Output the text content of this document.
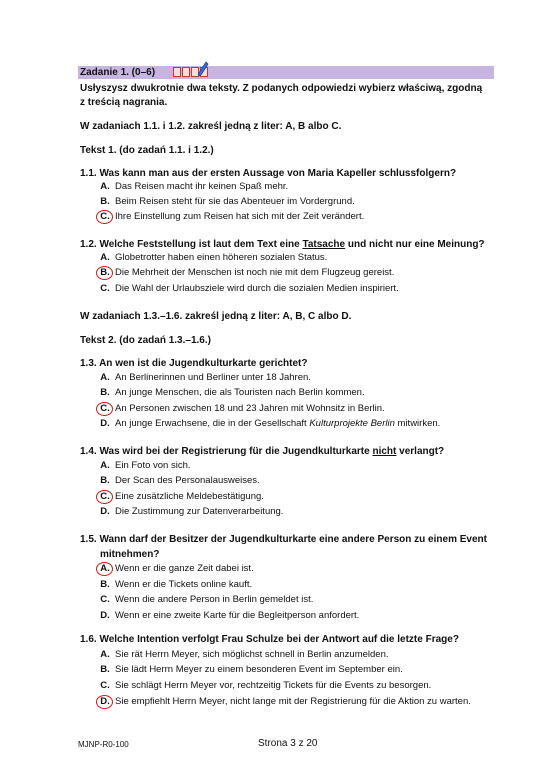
Zadanie 1. (0–6)
Usłyszysz dwukrotnie dwa teksty. Z podanych odpowiedzi wybierz właściwą, zgodną
z treścią nagrania.
W zadaniach 1.1. i 1.2. zakreśl jedną z liter: A, B albo C.
Tekst 1. (do zadań 1.1. i 1.2.)
1.1. Was kann man aus der ersten Aussage von Maria Kapeller schlussfolgern?
A. Das Reisen macht ihr keinen Spaß mehr.
B. Beim Reisen steht für sie das Abenteuer im Vordergrund.
C. Ihre Einstellung zum Reisen hat sich mit der Zeit verändert.
1.2. Welche Feststellung ist laut dem Text eine Tatsache und nicht nur eine Meinung?
A. Globetrotter haben einen höheren sozialen Status.
B. Die Mehrheit der Menschen ist noch nie mit dem Flugzeug gereist.
C. Die Wahl der Urlaubsziele wird durch die sozialen Medien inspiriert.
W zadaniach 1.3.–1.6. zakreśl jedną z liter: A, B, C albo D.
Tekst 2. (do zadań 1.3.–1.6.)
1.3. An wen ist die Jugendkulturkarte gerichtet?
A. An Berlinerinnen und Berliner unter 18 Jahren.
B. An junge Menschen, die als Touristen nach Berlin kommen.
C. An Personen zwischen 18 und 23 Jahren mit Wohnsitz in Berlin.
D. An junge Erwachsene, die in der Gesellschaft Kulturprojekte Berlin mitwirken.
1.4. Was wird bei der Registrierung für die Jugendkulturkarte nicht verlangt?
A. Ein Foto von sich.
B. Der Scan des Personalausweises.
C. Eine zusätzliche Meldebestätigung.
D. Die Zustimmung zur Datenverarbeitung.
1.5. Wann darf der Besitzer der Jugendkulturkarte eine andere Person zu einem Event
mitnehmen?
A. Wenn er die ganze Zeit dabei ist.
B. Wenn er die Tickets online kauft.
C. Wenn die andere Person in Berlin gemeldet ist.
D. Wenn er eine zweite Karte für die Begleitperson anfordert.
1.6. Welche Intention verfolgt Frau Schulze bei der Antwort auf die letzte Frage?
A. Sie rät Herrn Meyer, sich möglichst schnell in Berlin anzumelden.
B. Sie lädt Herrn Meyer zu einem besonderen Event im September ein.
C. Sie schlägt Herrn Meyer vor, rechtzeitig Tickets für die Events zu besorgen.
D. Sie empfiehlt Herrn Meyer, nicht lange mit der Registrierung für die Aktion zu warten.
MJNP-R0-100	Strona 3 z 20
